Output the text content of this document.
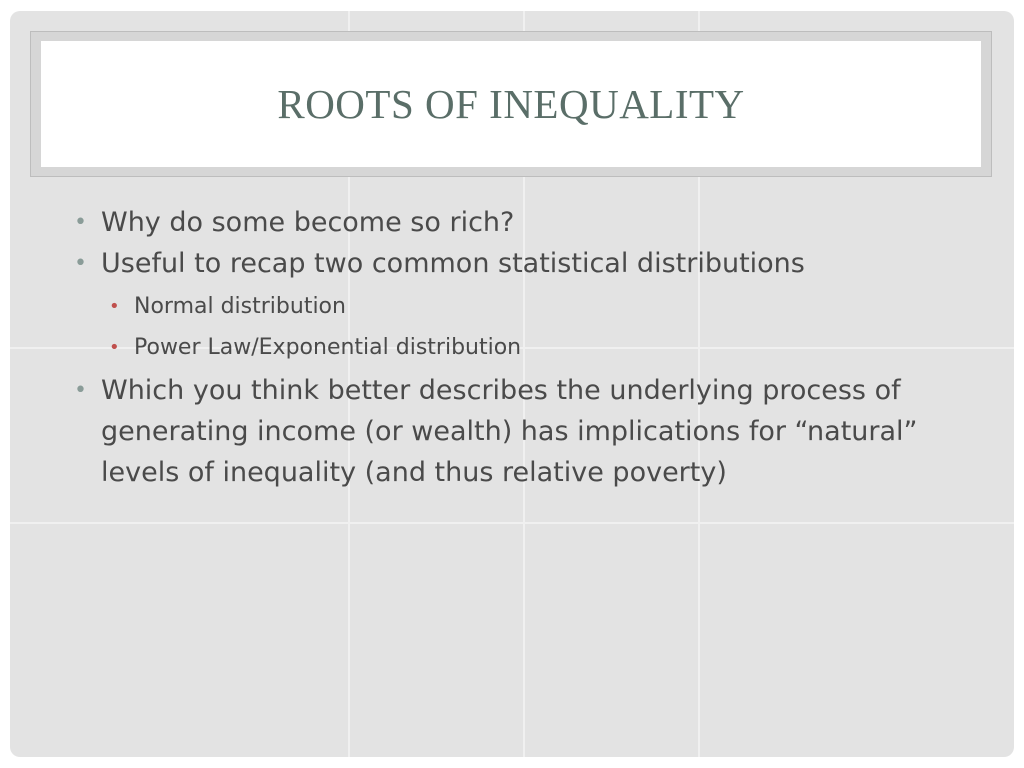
ROOTS OF INEQUALITY
• Why do some become so rich?
• Useful to recap two common statistical distributions
• Normal distribution
• Power Law/Exponential distribution
• Which you think better describes the underlying process of generating income (or wealth) has implications for “natural” levels of inequality (and thus relative poverty)
